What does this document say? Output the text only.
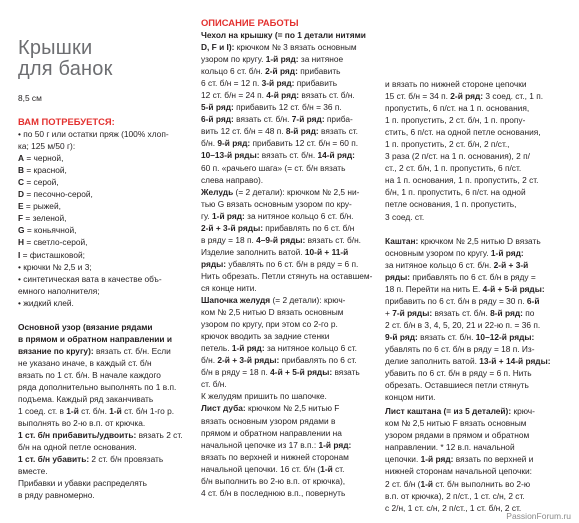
Крышки
для банок
8,5 см
ВАМ ПОТРЕБУЕТСЯ:
• по 50 г или остатки пряж (100% хлоп-
ка; 125 м/50 г):
A = черной,
B = красной,
C = серой,
D = песочно-серой,
E = рыжей,
F = зеленой,
G = коньячной,
H = светло-серой,
I = фисташковой;
• крючки № 2,5 и 3;
• синтетическая вата в качестве объ-
емного наполнителя;
• жидкий клей.
Основной узор (вязание рядами
в прямом и обратном направлении и
вязание по кругу): вязать ст. б/н. Если
не указано иначе, в каждый ст. б/н
вязать по 1 ст. б/н. В начале каждого
ряда дополнительно выполнять по 1 в.п.
подъема. Каждый ряд заканчивать
1 соед. ст. в 1-й ст. б/н. 1-й ст. б/н 1-го р.
выполнять во 2-ю в.п. от крючка.
1 ст. б/н прибавить/удвоить: вязать 2 ст.
б/н на одной петле основания.
1 ст. б/н убавить: 2 ст. б/н провязать
вместе.
Прибавки и убавки распределять
в ряду равномерно.
ОПИСАНИЕ РАБОТЫ
Чехол на крышку (= по 1 детали нитями
D, F и I): крючком № 3 вязать основным
узором по кругу. 1-й ряд: за нитяное
кольцо 6 ст. б/н. 2-й ряд: прибавить
6 ст. б/н = 12 п. 3-й ряд: прибавить
12 ст. б/н = 24 п. 4-й ряд: вязать ст. б/н.
5-й ряд: прибавить 12 ст. б/н = 36 п.
6-й ряд: вязать ст. б/н. 7-й ряд: приба-
вить 12 ст. б/н = 48 п. 8-й ряд: вязать ст.
б/н. 9-й ряд: прибавить 12 ст. б/н = 60 п.
10–13-й ряды: вязать ст. б/н. 14-й ряд:
60 п. «рачьего шага» (= ст. б/н вязать
слева направо).
Желудь (= 2 детали): крючком № 2,5 ни-
тью G вязать основным узором по кру-
гу. 1-й ряд: за нитяное кольцо 6 ст. б/н.
2-й + 3-й ряды: прибавлять по 6 ст. б/н
в ряду = 18 п. 4–9-й ряды: вязать ст. б/н.
Изделие заполнить ватой. 10-й + 11-й
ряды: убавлять по 6 ст. б/н в ряду = 6 п.
Нить обрезать. Петли стянуть на оставшем-
ся конце нити.
Шапочка желудя (= 2 детали): крюч-
ком № 2,5 нитью D вязать основным
узором по кругу, при этом со 2-го р.
крючок вводить за задние стенки
петель. 1-й ряд: за нитяное кольцо 6 ст.
б/н. 2-й + 3-й ряды: прибавлять по 6 ст.
б/н в ряду = 18 п. 4-й + 5-й ряды: вязать
ст. б/н.
К желудям пришить по шапочке.
Лист дуба: крючком № 2,5 нитью F
вязать основным узором рядами в
прямом и обратном направлении на
начальной цепочке из 17 в.п.: 1-й ряд:
вязать по верхней и нижней сторонам
начальной цепочки. 16 ст. б/н (1-й ст.
б/н выполнить во 2-ю в.п. от крючка),
4 ст. б/н в последнюю в.п., повернуть
и вязать по нижней стороне цепочки
15 ст. б/н = 34 п. 2-й ряд: 3 соед. ст., 1 п.
пропустить, 6 п/ст. на 1 п. основания,
1 п. пропустить, 2 ст. б/н, 1 п. пропу-
стить, 6 п/ст. на одной петле основания,
1 п. пропустить, 2 ст. б/н, 2 п/ст.,
3 раза (2 п/ст. на 1 п. основания), 2 п/
ст., 2 ст. б/н, 1 п. пропустить, 6 п/ст.
на 1 п. основания, 1 п. пропустить, 2 ст.
б/н, 1 п. пропустить, 6 п/ст. на одной
петле основания, 1 п. пропустить,
3 соед. ст.
Каштан: крючком № 2,5 нитью D вязать
основным узором по кругу. 1-й ряд:
за нитяное кольцо 6 ст. б/н. 2-й + 3-й
ряды: прибавлять по 6 ст. б/н в ряду =
18 п. Перейти на нить E. 4-й + 5-й ряды:
прибавить по 6 ст. б/н в ряду = 30 п. 6-й
+ 7-й ряды: вязать ст. б/н. 8-й ряд: по
2 ст. б/н в 3, 4, 5, 20, 21 и 22-ю п. = 36 п.
9-й ряд: вязать ст. б/н. 10–12-й ряды:
убавлять по 6 ст. б/н в ряду = 18 п. Из-
делие заполнить ватой. 13-й + 14-й ряды:
убавить по 6 ст. б/н в ряду = 6 п. Нить
обрезать. Оставшиеся петли стянуть
концом нити.
Лист каштана (= из 5 деталей): крюч-
ком № 2,5 нитью F вязать основным
узором рядами в прямом и обратном
направлении. * 12 в.п. начальной
цепочки. 1-й ряд: вязать по верхней и
нижней сторонам начальной цепочки:
2 ст. б/н (1-й ст. б/н выполнить во 2-ю
в.п. от крючка), 2 п/ст., 1 ст. с/н, 2 ст.
с 2/н, 1 ст. с/н, 2 п/ст., 1 ст. б/н, 2 ст.
PassionForum.ru
